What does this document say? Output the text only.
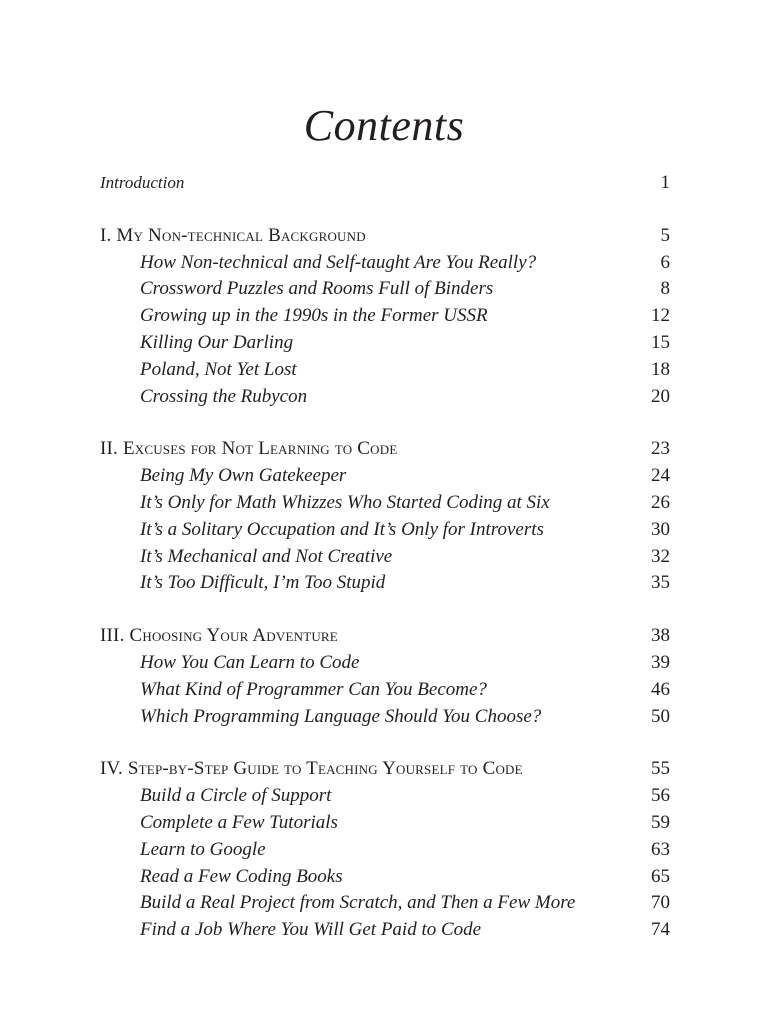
Contents
Introduction	1
I. My Non-technical Background	5
How Non-technical and Self-taught Are You Really?	6
Crossword Puzzles and Rooms Full of Binders	8
Growing up in the 1990s in the Former USSR	12
Killing Our Darling	15
Poland, Not Yet Lost	18
Crossing the Rubycon	20
II. Excuses for Not Learning to Code	23
Being My Own Gatekeeper	24
It’s Only for Math Whizzes Who Started Coding at Six	26
It’s a Solitary Occupation and It’s Only for Introverts	30
It’s Mechanical and Not Creative	32
It’s Too Difficult, I’m Too Stupid	35
III. Choosing Your Adventure	38
How You Can Learn to Code	39
What Kind of Programmer Can You Become?	46
Which Programming Language Should You Choose?	50
IV. Step-by-Step Guide to Teaching Yourself to Code	55
Build a Circle of Support	56
Complete a Few Tutorials	59
Learn to Google	63
Read a Few Coding Books	65
Build a Real Project from Scratch, and Then a Few More	70
Find a Job Where You Will Get Paid to Code	74
